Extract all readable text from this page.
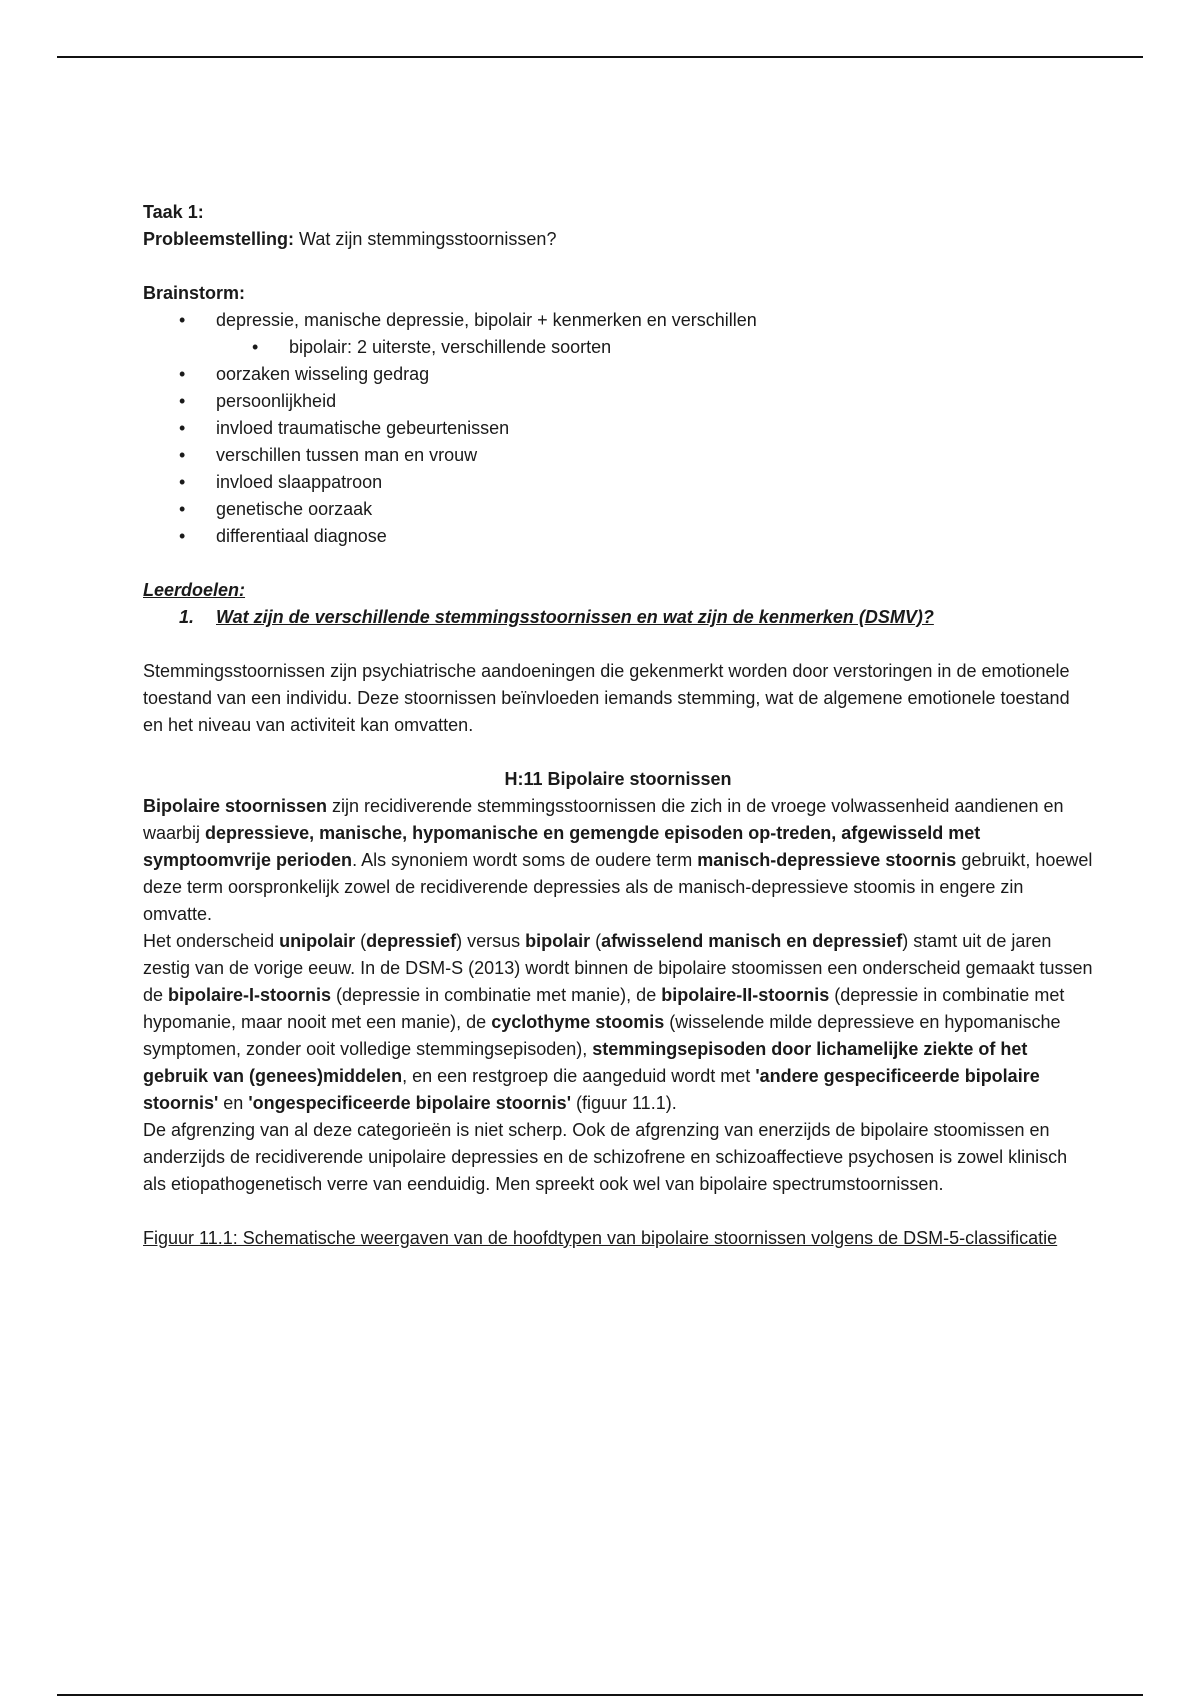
Taak 1:

Probleemstelling: Wat zijn stemmingsstoornissen?

Brainstorm:

• depressie, manische depressie, bipolair + kenmerken en verschillen
• bipolair: 2 uiterste, verschillende soorten
• oorzaken wisseling gedrag
• persoonlijkheid
• invloed traumatische gebeurtenissen
• verschillen tussen man en vrouw
• invloed slaappatroon
• genetische oorzaak
• differentiaal diagnose

Leerdoelen:

1. Wat zijn de verschillende stemmingsstoornissen en wat zijn de kenmerken (DSMV)?

Stemmingsstoornissen zijn psychiatrische aandoeningen die gekenmerkt worden door verstoringen in de emotionele toestand van een individu. Deze stoornissen beïnvloeden iemands stemming, wat de algemene emotionele toestand en het niveau van activiteit kan omvatten.

H:11 Bipolaire stoornissen

Bipolaire stoornissen zijn recidiverende stemmingsstoornissen die zich in de vroege volwassenheid aandienen en waarbij depressieve, manische, hypomanische en gemengde episoden op-treden, afgewisseld met symptoomvrije perioden. Als synoniem wordt soms de oudere term manisch-depressieve stoornis gebruikt, hoewel deze term oorspronkelijk zowel de recidiverende depressies als de manisch-depressieve stoomis in engere zin omvatte.

Het onderscheid unipolair (depressief) versus bipolair (afwisselend manisch en depressief) stamt uit de jaren zestig van de vorige eeuw. In de DSM-S (2013) wordt binnen de bipolaire stoomissen een onderscheid gemaakt tussen de bipolaire-I-stoornis (depressie in combinatie met manie), de bipolaire-II-stoornis (depressie in combinatie met hypomanie, maar nooit met een manie), de cyclothyme stoomis (wisselende milde depressieve en hypomanische symptomen, zonder ooit volledige stemmingsepisoden), stemmingsepisoden door lichamelijke ziekte of het gebruik van (genees)middelen, en een restgroep die aangeduid wordt met 'andere gespecificeerde bipolaire stoornis' en 'ongespecificeerde bipolaire stoornis' (figuur 11.1).

De afgrenzing van al deze categorieën is niet scherp. Ook de afgrenzing van enerzijds de bipolaire stoomissen en anderzijds de recidiverende unipolaire depressies en de schizofrene en schizoaffectieve psychosen is zowel klinisch als etiopathogenetisch verre van eenduidig. Men spreekt ook wel van bipolaire spectrumstoornissen.

Figuur 11.1: Schematische weergaven van de hoofdtypen van bipolaire stoornissen volgens de DSM-5-classificatie
